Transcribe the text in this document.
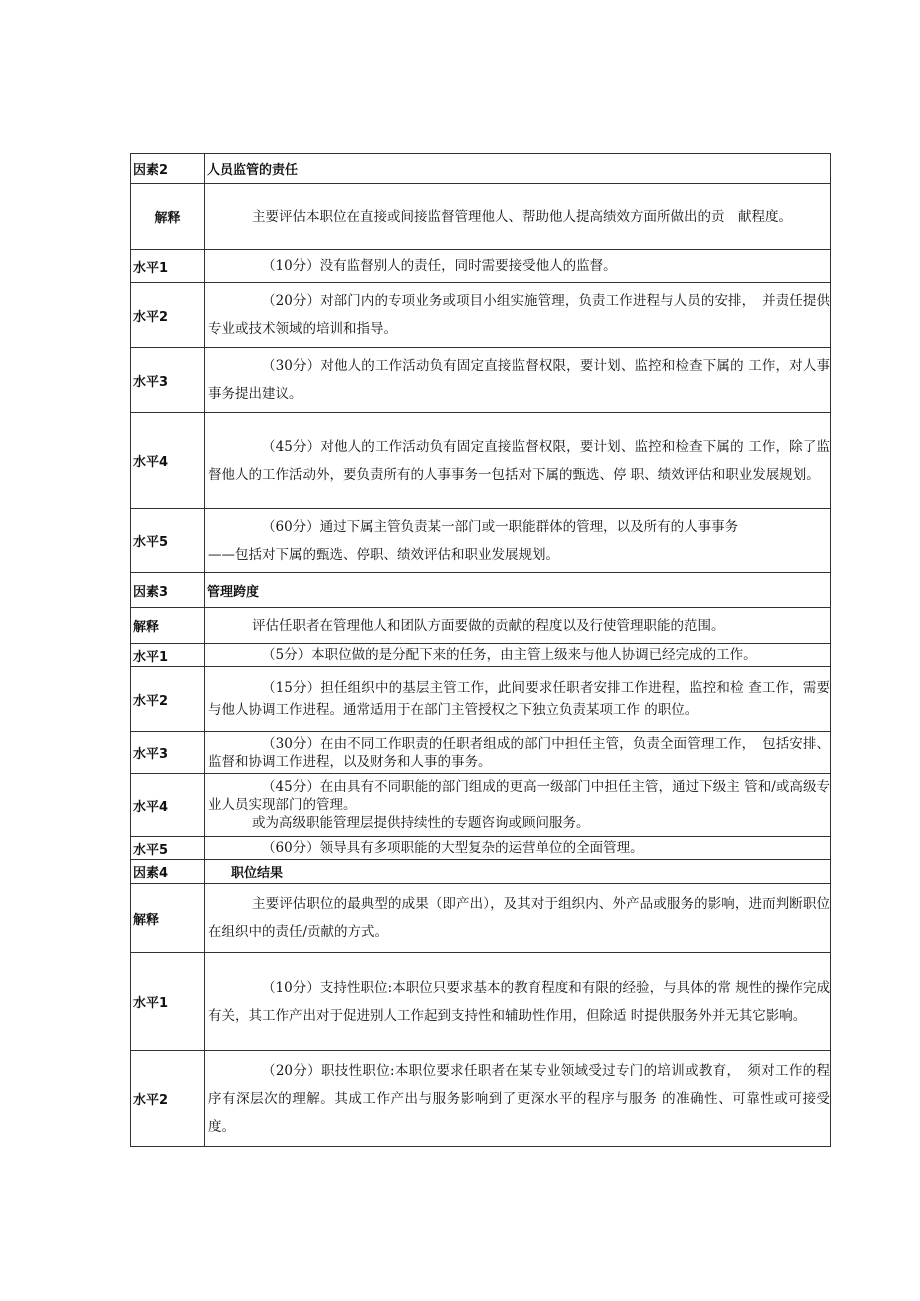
因素2	人员监管的责任
解释	主要评估本职位在直接或间接监督管理他人、帮助他人提高绩效方面所做出的贡　献程度。

水平1	（10分）没有监督别人的责任，同时需要接受他人的监督。

水平2	（20分）对部门内的专项业务或项目小组实施管理，负责工作进程与人员的安排，　并责任提供专业或技术领域的培训和指导。

水平3	（30分）对他人的工作活动负有固定直接监督权限，要计划、监控和检查下属的 工作，对人事事务提出建议。

水平4	（45分）对他人的工作活动负有固定直接监督权限，要计划、监控和检查下属的 工作，除了监督他人的工作活动外，要负责所有的人事事务一包括对下属的甄选、停 职、绩效评估和职业发展规划。

水平5	（60分）通过下属主管负责某一部门或一职能群体的管理，以及所有的人事事务

——包括对下属的甄选、停职、绩效评估和职业发展规划。

因素3	管理跨度
解释	评估任职者在管理他人和团队方面要做的贡献的程度以及行使管理职能的范围。

水平1	（5分）本职位做的是分配下来的任务，由主管上级来与他人协调已经完成的工作。

水平2	（15分）担任组织中的基层主管工作，此间要求任职者安排工作进程，监控和检 查工作，需要与他人协调工作进程。通常适用于在部门主管授权之下独立负责某项工作 的职位。

水平3	（30分）在由不同工作职责的任职者组成的部门中担任主管，负责全面管理工作，　包括安排、监督和协调工作进程，以及财务和人事的事务。

水平4	（45分）在由具有不同职能的部门组成的更高一级部门中担任主管，通过下级主 管和/或高级专业人员实现部门的管理。

或为高级职能管理层提供持续性的专题咨询或顾问服务。

水平5	（60分）领导具有多项职能的大型复杂的运营单位的全面管理。

因素4	职位结果
解释	主要评估职位的最典型的成果（即产出），及其对于组织内、外产品或服务的影响，进而判断职位在组织中的责任/贡献的方式。

水平1	（10分）支持性职位:本职位只要求基本的教育程度和有限的经验，与具体的常 规性的操作完成有关，其工作产出对于促进别人工作起到支持性和辅助性作用，但除适 时提供服务外并无其它影响。

水平2	（20分）职技性职位:本职位要求任职者在某专业领域受过专门的培训或教育，　须对工作的程序有深层次的理解。其成工作产出与服务影响到了更深水平的程序与服务 的准确性、可靠性或可接受度。
